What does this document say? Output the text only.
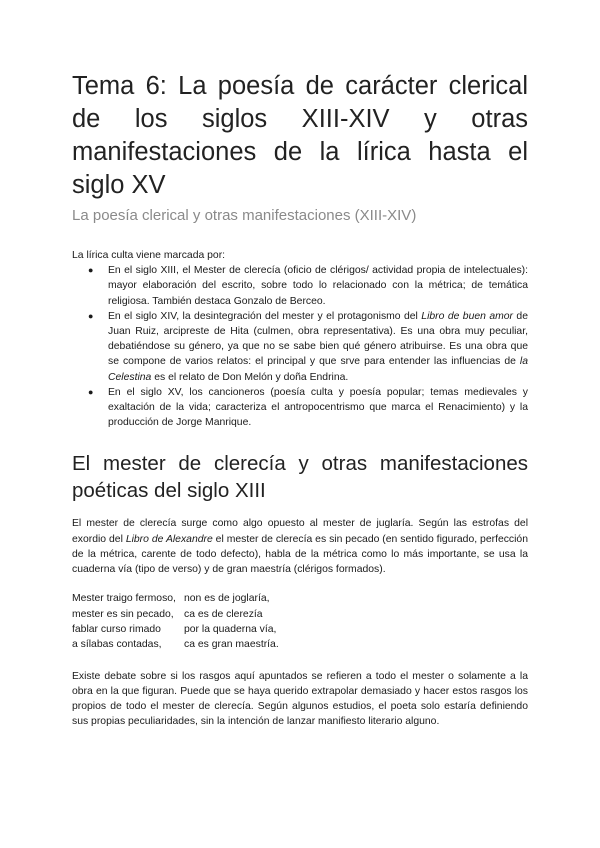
Tema 6: La poesía de carácter clerical de los siglos XIII-XIV y otras manifestaciones de la lírica hasta el siglo XV
La poesía clerical y otras manifestaciones (XIII-XIV)

La lírica culta viene marcada por:

● En el siglo XIII, el Mester de clerecía (oficio de clérigos/ actividad propia de intelectuales): mayor elaboración del escrito, sobre todo lo relacionado con la métrica; de temática religiosa. También destaca Gonzalo de Berceo.
● En el siglo XIV, la desintegración del mester y el protagonismo del Libro de buen amor de Juan Ruiz, arcipreste de Hita (culmen, obra representativa). Es una obra muy peculiar, debatiéndose su género, ya que no se sabe bien qué género atribuirse. Es una obra que se compone de varios relatos: el principal y que srve para entender las influencias de la Celestina es el relato de Don Melón y doña Endrina.
● En el siglo XV, los cancioneros (poesía culta y poesía popular; temas medievales y exaltación de la vida; caracteriza el antropocentrismo que marca el Renacimiento) y la producción de Jorge Manrique.
El mester de clerecía y otras manifestaciones poéticas del siglo XIII

El mester de clerecía surge como algo opuesto al mester de juglaría. Según las estrofas del exordio del Libro de Alexandre el mester de clerecía es sin pecado (en sentido figurado, perfección de la métrica, carente de todo defecto), habla de la métrica como lo más importante, se usa la cuaderna vía (tipo de verso) y de gran maestría (clérigos formados).

Mester traigo fermoso, non es de joglaría,
mester es sin pecado, ca es de clerezía
fablar curso rimado	por la quaderna vía,
a sílabas contadas,	ca es gran maestría.

Existe debate sobre si los rasgos aquí apuntados se refieren a todo el mester o solamente a la obra en la que figuran. Puede que se haya querido extrapolar demasiado y hacer estos rasgos los propios de todo el mester de clerecía. Según algunos estudios, el poeta solo estaría definiendo sus propias peculiaridades, sin la intención de lanzar manifiesto literario alguno.
